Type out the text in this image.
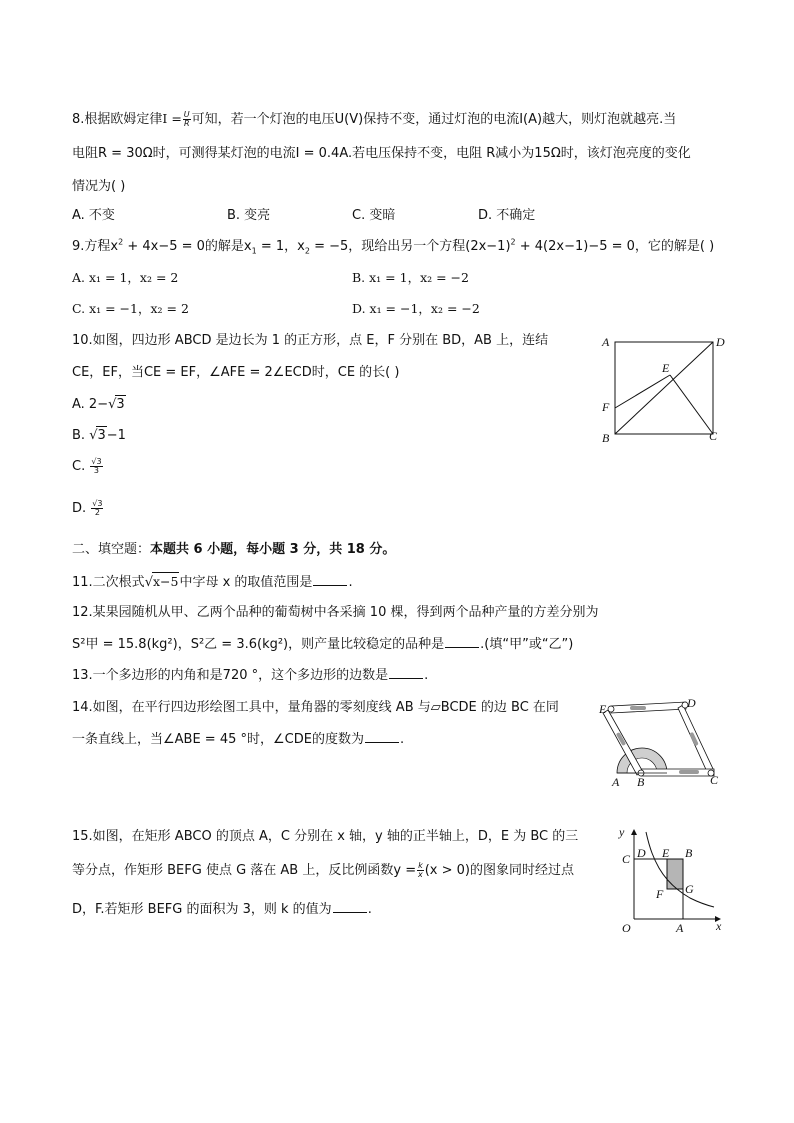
8.根据欧姆定律$I = \frac{U}{R}$ 可知，若一个灯泡的电压U(V)保持不变，通过灯泡的电流I(A)越大，则灯泡就越亮.当
电阻R = 30Ω时，可测得某灯泡的电流I = 0.4A.若电压保持不变，电阻 R减小为15Ω时，该灯泡亮度的变化
情况为( )
A. 不变	B. 变亮	C. 变暗	D. 不确定
9.方程$x^2 + 4x-5 = 0$的解是$x_1 = 1$，$x_2 = -5$，现给出另一个方程$(2x-1)^2 + 4(2x-1)-5 = 0$，它的解是( )
A. x₁ = 1，x₂ = 2	B. x₁ = 1，x₂ = −2
C. x₁ = −1，x₂ = 2	D. x₁ = −1，x₂ = −2
10.如图，四边形 ABCD 是边长为 1 的正方形，点 E，F 分别在 BD，AB 上，连结
CE，EF，当CE = EF，∠AFE = 2∠ECD时，CE 的长( )
A. 2−√3
B. √3−1
C. $\frac{√3}{3}$
D. $\frac{√3}{2}$
A	D
F
E
B	C
二、填空题：本题共 6 小题，每小题 3 分，共 18 分。
11.二次根式√x−5中字母 x 的取值范围是	.
12.某果园随机从甲、乙两个品种的葡萄树中各采摘 10 棵，得到两个品种产量的方差分别为
S²甲 = 15.8(kg²)，S²乙 = 3.6(kg²)，则产量比较稳定的品种是	.(填“甲”或“乙”)
13.一个多边形的内角和是720 °，这个多边形的边数是	.
14.如图，在平行四边形绘图工具中，量角器的零刻度线 AB 与▱BCDE 的边 BC 在同
一条直线上，当∠ABE = 45 °时，∠CDE的度数为	.
E	D
A B	C
15.如图，在矩形 ABCO 的顶点 A，C 分别在 x 轴，y 轴的正半轴上，D，E 为 BC 的三
等分点，作矩形 BEFG 使点 G 落在 AB 上，反比例函数$y = \frac{k}{x} (x > 0)$的图象同时经过点
D，F.若矩形 BEFG 的面积为 3，则 k 的值为	.
y
x
O	A
C D E B
F G
